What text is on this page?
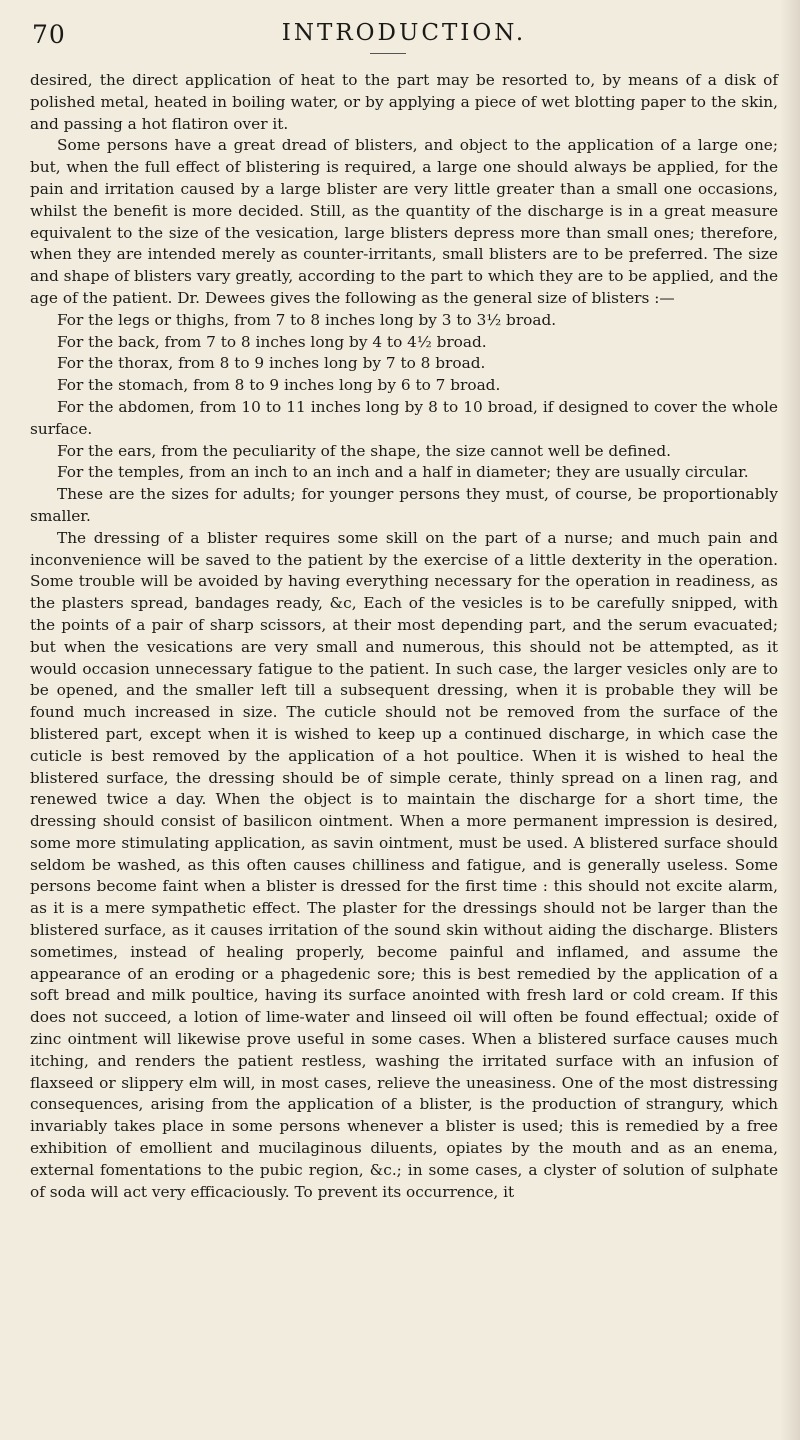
70	INTRODUCTION.

desired, the direct application of heat to the part may be resorted to, by means of a disk of polished metal, heated in boiling water, or by applying a piece of wet blotting paper to the skin, and passing a hot flatiron over it.

Some persons have a great dread of blisters, and object to the application of a large one; but, when the full effect of blistering is required, a large one should always be applied, for the pain and irritation caused by a large blister are very little greater than a small one occasions, whilst the benefit is more decided. Still, as the quantity of the discharge is in a great measure equivalent to the size of the vesication, large blisters depress more than small ones; therefore, when they are intended merely as counter-irritants, small blisters are to be preferred. The size and shape of blisters vary greatly, according to the part to which they are to be applied, and the age of the patient. Dr. Dewees gives the following as the general size of blisters :—

For the legs or thighs, from 7 to 8 inches long by 3 to 3½ broad.

For the back, from 7 to 8 inches long by 4 to 4½ broad.

For the thorax, from 8 to 9 inches long by 7 to 8 broad.

For the stomach, from 8 to 9 inches long by 6 to 7 broad.

For the abdomen, from 10 to 11 inches long by 8 to 10 broad, if designed to cover the whole surface.

For the ears, from the peculiarity of the shape, the size cannot well be defined.

For the temples, from an inch to an inch and a half in diameter; they are usually circular.

These are the sizes for adults; for younger persons they must, of course, be proportionably smaller.

The dressing of a blister requires some skill on the part of a nurse; and much pain and inconvenience will be saved to the patient by the exercise of a little dexterity in the operation. Some trouble will be avoided by having everything necessary for the operation in readiness, as the plasters spread, bandages ready, &c, Each of the vesicles is to be carefully snipped, with the points of a pair of sharp scissors, at their most depending part, and the serum evacuated; but when the vesications are very small and numerous, this should not be attempted, as it would occasion unnecessary fatigue to the patient. In such case, the larger vesicles only are to be opened, and the smaller left till a subsequent dressing, when it is probable they will be found much increased in size. The cuticle should not be removed from the surface of the blistered part, except when it is wished to keep up a continued discharge, in which case the cuticle is best removed by the application of a hot poultice. When it is wished to heal the blistered surface, the dressing should be of simple cerate, thinly spread on a linen rag, and renewed twice a day. When the object is to maintain the discharge for a short time, the dressing should consist of basilicon ointment. When a more permanent impression is desired, some more stimulating application, as savin ointment, must be used. A blistered surface should seldom be washed, as this often causes chilliness and fatigue, and is generally useless. Some persons become faint when a blister is dressed for the first time : this should not excite alarm, as it is a mere sympathetic effect. The plaster for the dressings should not be larger than the blistered surface, as it causes irritation of the sound skin without aiding the discharge. Blisters sometimes, instead of healing properly, become painful and inflamed, and assume the appearance of an eroding or a phagedenic sore; this is best remedied by the application of a soft bread and milk poultice, having its surface anointed with fresh lard or cold cream. If this does not succeed, a lotion of lime-water and linseed oil will often be found effectual; oxide of zinc ointment will likewise prove useful in some cases. When a blistered surface causes much itching, and renders the patient restless, washing the irritated surface with an infusion of flaxseed or slippery elm will, in most cases, relieve the uneasiness. One of the most distressing consequences, arising from the application of a blister, is the production of strangury, which invariably takes place in some persons whenever a blister is used; this is remedied by a free exhibition of emollient and mucilaginous diluents, opiates by the mouth and as an enema, external fomentations to the pubic region, &c.; in some cases, a clyster of solution of sulphate of soda will act very efficaciously. To prevent its occurrence, it
